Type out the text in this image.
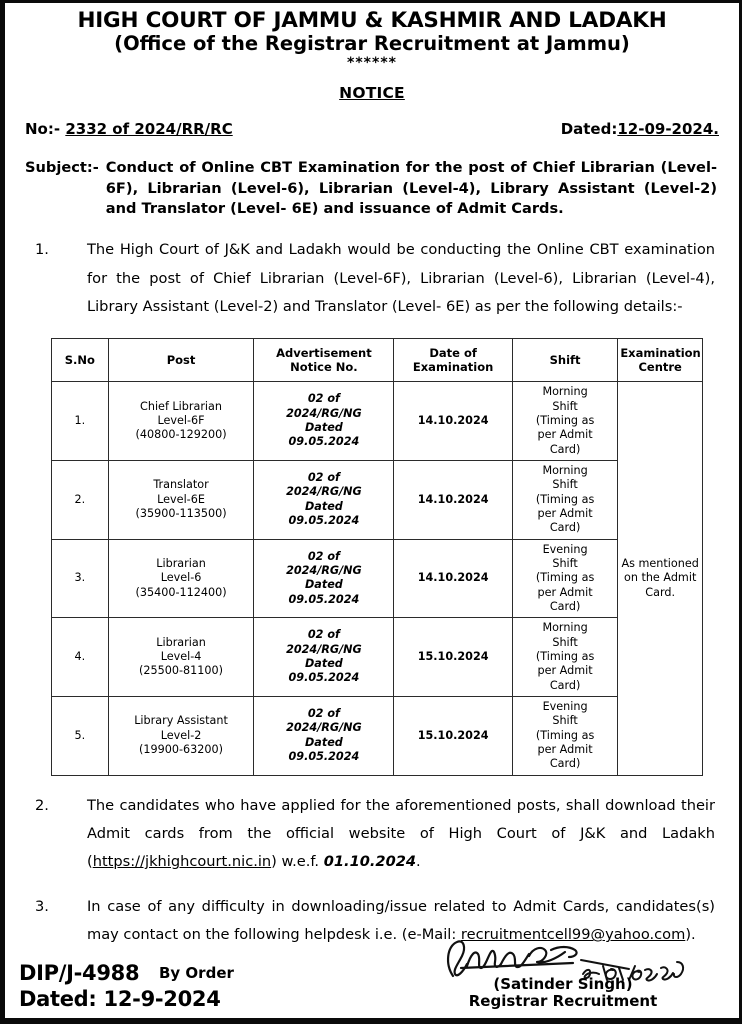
HIGH COURT OF JAMMU & KASHMIR AND LADAKH
(Office of the Registrar Recruitment at Jammu)
******
NOTICE
No:- 2332 of 2024/RR/RC	Dated:12-09-2024.
Subject:- Conduct of Online CBT Examination for the post of Chief Librarian (Level-6F), Librarian (Level-6), Librarian (Level-4), Library Assistant (Level-2) and Translator (Level- 6E) and issuance of Admit Cards.
1.	The High Court of J&K and Ladakh would be conducting the Online CBT examination for the post of Chief Librarian (Level-6F), Librarian (Level-6), Librarian (Level-4), Library Assistant (Level-2) and Translator (Level- 6E) as per the following details:-
S.No	Post	Advertisement Notice No.	Date of Examination	Shift	Examination Centre
1.	Chief Librarian
Level-6F
(40800-129200)	02 of
2024/RG/NG
Dated
09.05.2024	14.10.2024	Morning
Shift
(Timing as
per Admit
Card)	As mentioned on the Admit Card.
2.	Translator
Level-6E
(35900-113500)	02 of
2024/RG/NG
Dated
09.05.2024	14.10.2024	Morning
Shift
(Timing as
per Admit
Card)	
3.	Librarian
Level-6
(35400-112400)	02 of
2024/RG/NG
Dated
09.05.2024	14.10.2024	Evening
Shift
(Timing as
per Admit
Card)	
4.	Librarian
Level-4
(25500-81100)	02 of
2024/RG/NG
Dated
09.05.2024	15.10.2024	Morning
Shift
(Timing as
per Admit
Card)	
5.	Library Assistant
Level-2
(19900-63200)	02 of
2024/RG/NG
Dated
09.05.2024	15.10.2024	Evening
Shift
(Timing as
per Admit
Card)	
2.	The candidates who have applied for the aforementioned posts, shall download their Admit cards from the official website of High Court of J&K and Ladakh (https://jkhighcourt.nic.in) w.e.f. 01.10.2024.
3.	In case of any difficulty in downloading/issue related to Admit Cards, candidates(s) may contact on the following helpdesk i.e. (e-Mail: recruitmentcell99@yahoo.com).
By Order
(Satinder Singh)
Registrar Recruitment
DIP/J-4988
Dated: 12-9-2024
